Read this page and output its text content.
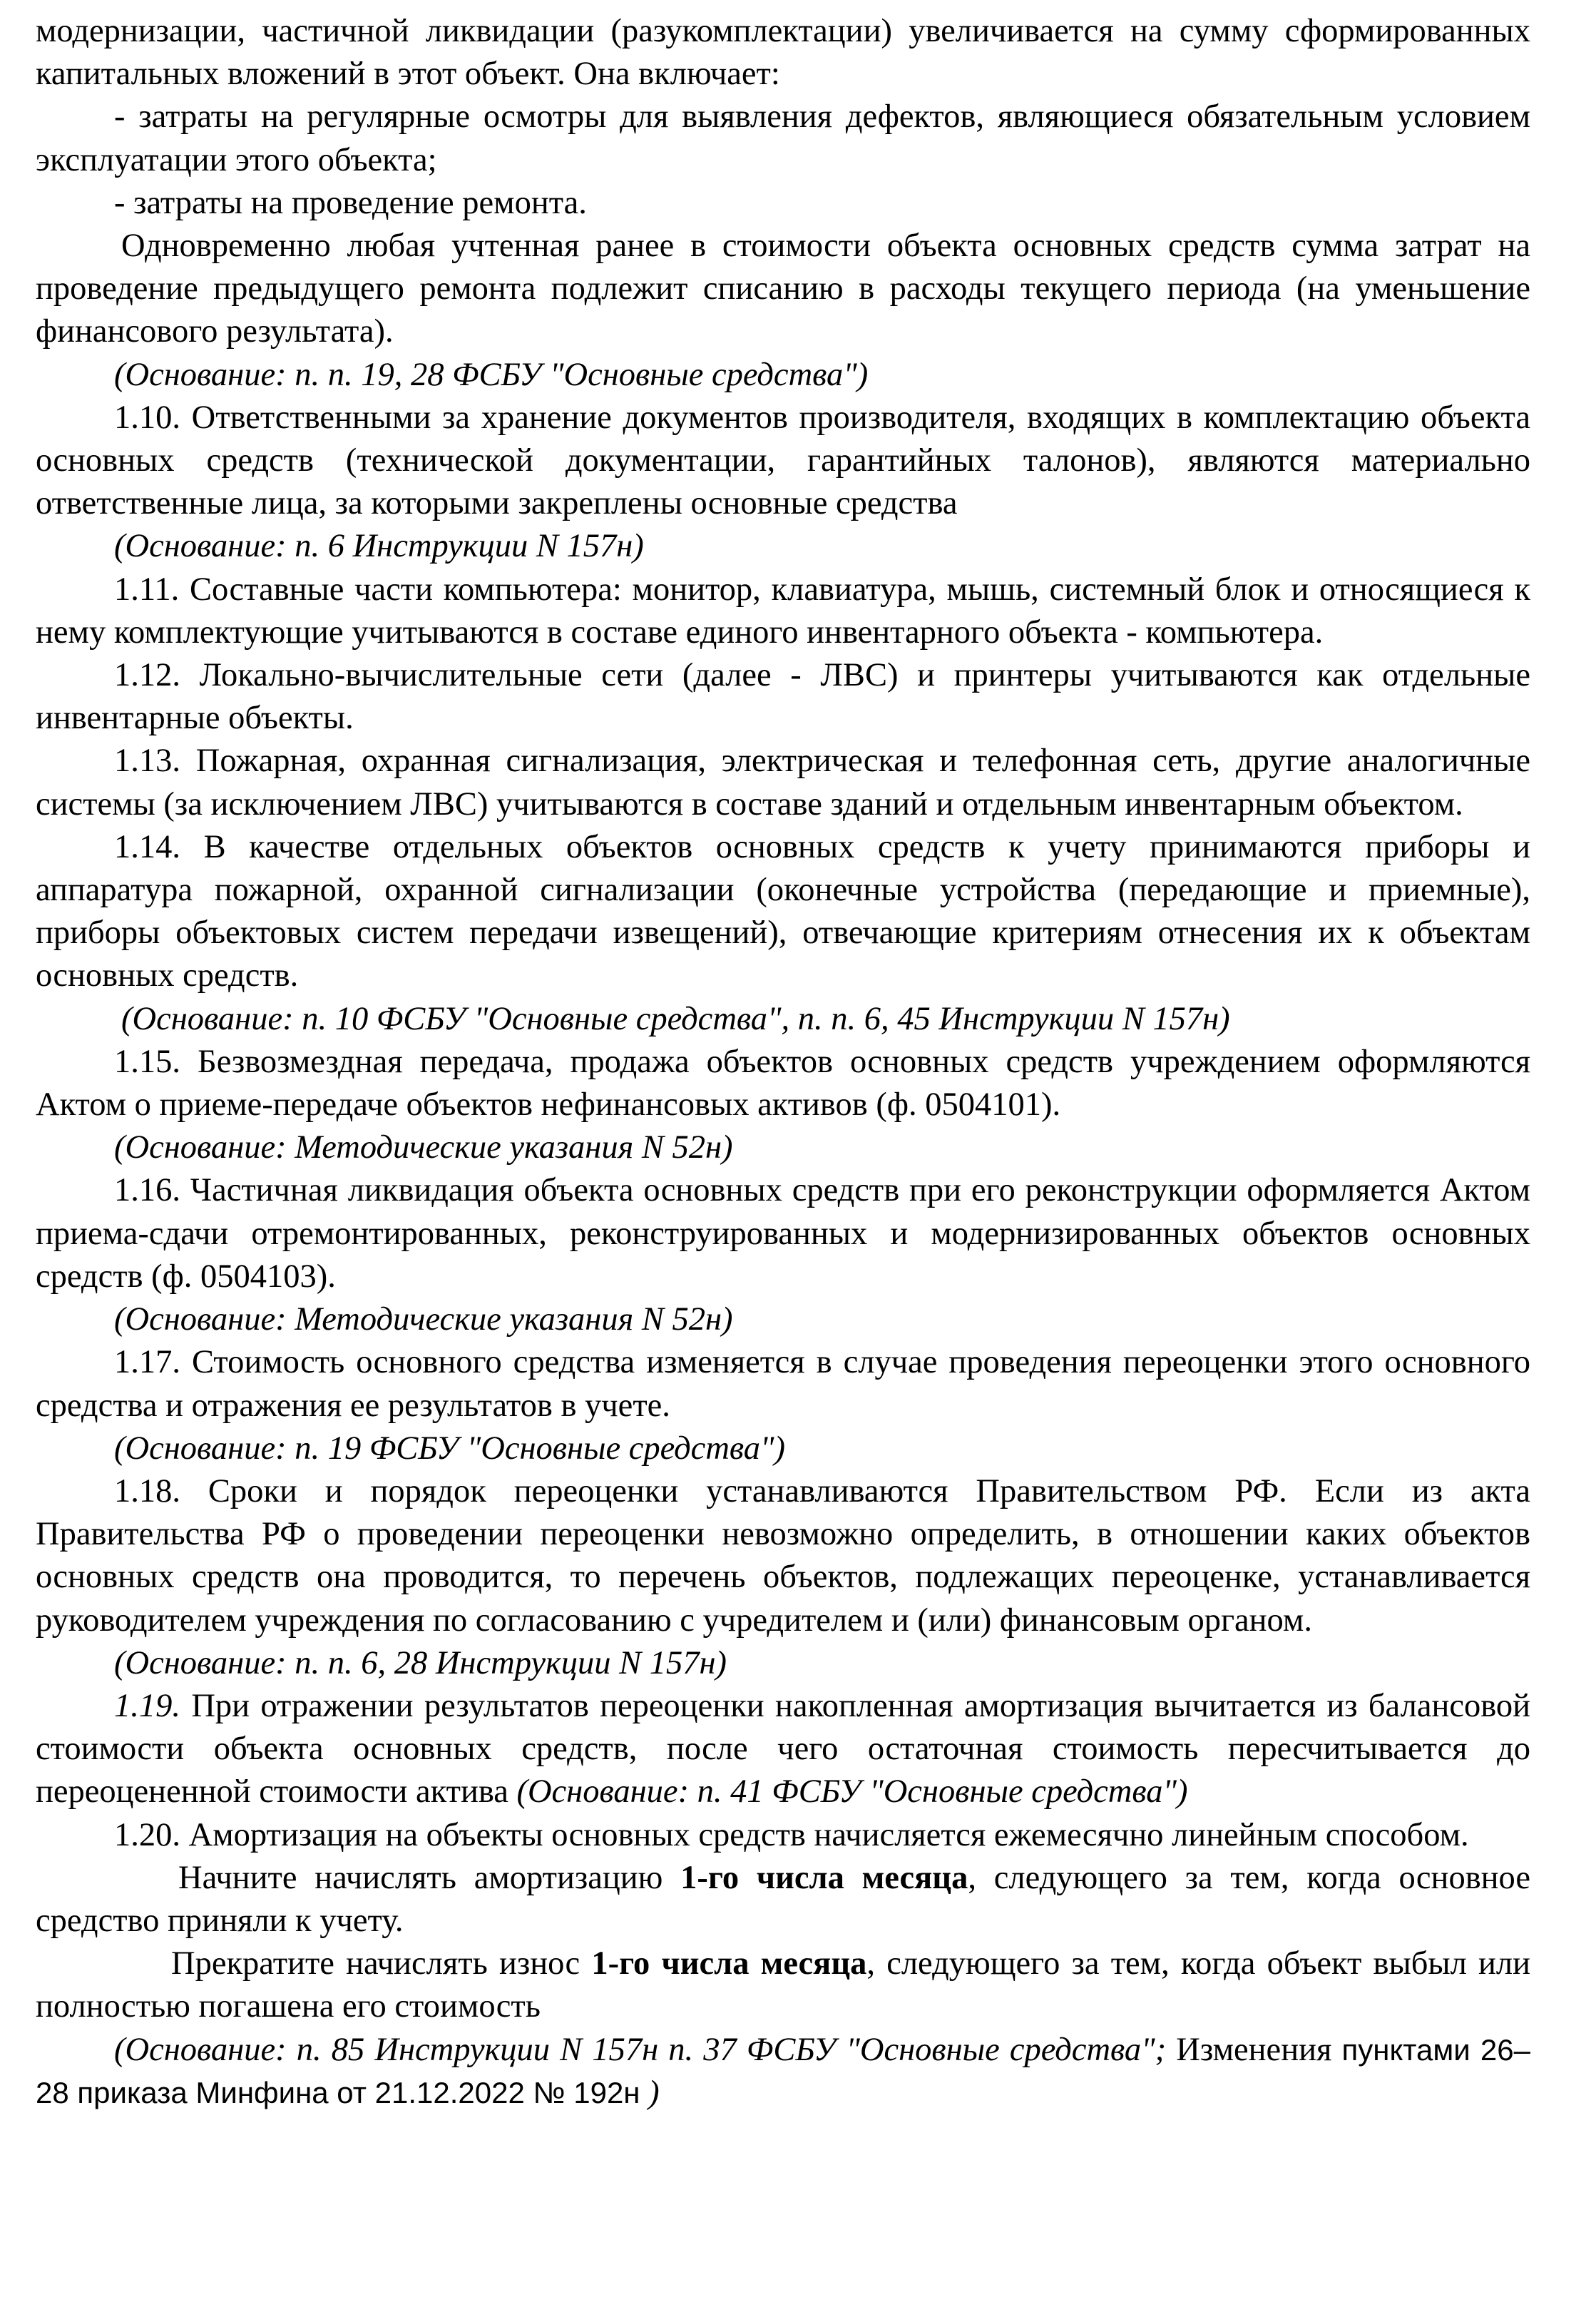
модернизации, частичной ликвидации (разукомплектации) увеличивается на сумму сформированных капитальных вложений в этот объект. Она включает:

- затраты на регулярные осмотры для выявления дефектов, являющиеся обязательным условием эксплуатации этого объекта;

- затраты на проведение ремонта.

Одновременно любая учтенная ранее в стоимости объекта основных средств сумма затрат на проведение предыдущего ремонта подлежит списанию в расходы текущего периода (на уменьшение финансового результата).

(Основание: п. п. 19, 28 ФСБУ "Основные средства")

1.10. Ответственными за хранение документов производителя, входящих в комплектацию объекта основных средств (технической документации, гарантийных талонов), являются материально ответственные лица, за которыми закреплены основные средства

(Основание: п. 6 Инструкции N 157н)

1.11. Составные части компьютера: монитор, клавиатура, мышь, системный блок и относящиеся к нему комплектующие учитываются в составе единого инвентарного объекта - компьютера.

1.12. Локально-вычислительные сети (далее - ЛВС) и принтеры учитываются как отдельные инвентарные объекты.

1.13. Пожарная, охранная сигнализация, электрическая и телефонная сеть, другие аналогичные системы (за исключением ЛВС) учитываются в составе зданий и отдельным инвентарным объектом.

1.14. В качестве отдельных объектов основных средств к учету принимаются приборы и аппаратура пожарной, охранной сигнализации (оконечные устройства (передающие и приемные), приборы объектовых систем передачи извещений), отвечающие критериям отнесения их к объектам основных средств.

(Основание: п. 10 ФСБУ "Основные средства", п. п. 6, 45 Инструкции N 157н)

1.15. Безвозмездная передача, продажа объектов основных средств учреждением оформляются Актом о приеме-передаче объектов нефинансовых активов (ф. 0504101).

(Основание: Методические указания N 52н)

1.16. Частичная ликвидация объекта основных средств при его реконструкции оформляется Актом приема-сдачи отремонтированных, реконструированных и модернизированных объектов основных средств (ф. 0504103).

(Основание: Методические указания N 52н)

1.17. Стоимость основного средства изменяется в случае проведения переоценки этого основного средства и отражения ее результатов в учете.

(Основание: п. 19 ФСБУ "Основные средства")

1.18. Сроки и порядок переоценки устанавливаются Правительством РФ. Если из акта Правительства РФ о проведении переоценки невозможно определить, в отношении каких объектов основных средств она проводится, то перечень объектов, подлежащих переоценке, устанавливается руководителем учреждения по согласованию с учредителем и (или) финансовым органом.

(Основание: п. п. 6, 28 Инструкции N 157н)

1.19. При отражении результатов переоценки накопленная амортизация вычитается из балансовой стоимости объекта основных средств, после чего остаточная стоимость пересчитывается до переоцененной стоимости актива (Основание: п. 41 ФСБУ "Основные средства")

1.20. Амортизация на объекты основных средств начисляется ежемесячно линейным способом.

Начните начислять амортизацию 1-го числа месяца, следующего за тем, когда основное средство приняли к учету.

Прекратите начислять износ 1-го числа месяца, следующего за тем, когда объект выбыл или полностью погашена его стоимость

(Основание: п. 85 Инструкции N 157н п. 37 ФСБУ "Основные средства"; Изменения пунктами 26–28 приказа Минфина от 21.12.2022 № 192н )
